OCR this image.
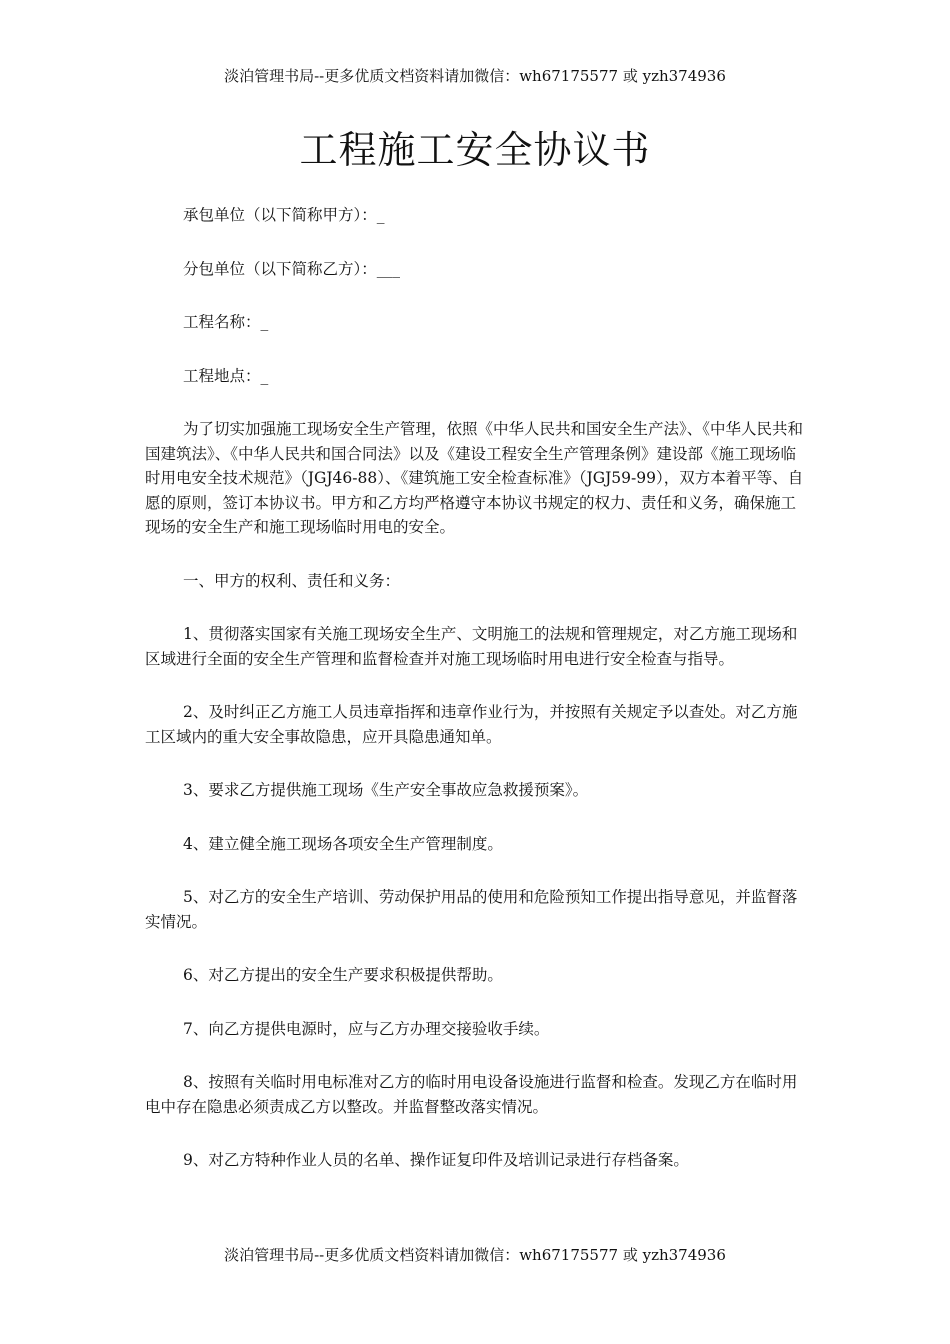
淡泊管理书局--更多优质文档资料请加微信：wh67175577 或 yzh374936
工程施工安全协议书

承包单位（以下简称甲方）：_

分包单位（以下简称乙方）：___

工程名称：_

工程地点：_

为了切实加强施工现场安全生产管理，依照《中华人民共和国安全生产法》、《中华人民共和国建筑法》、《中华人民共和国合同法》以及《建设工程安全生产管理条例》建设部《施工现场临时用电安全技术规范》（JGJ46-88）、《建筑施工安全检查标准》（JGJ59-99），双方本着平等、自愿的原则，签订本协议书。甲方和乙方均严格遵守本协议书规定的权力、责任和义务，确保施工现场的安全生产和施工现场临时用电的安全。

一、甲方的权利、责任和义务：

1、贯彻落实国家有关施工现场安全生产、文明施工的法规和管理规定，对乙方施工现场和区域进行全面的安全生产管理和监督检查并对施工现场临时用电进行安全检查与指导。

2、及时纠正乙方施工人员违章指挥和违章作业行为，并按照有关规定予以查处。对乙方施工区域内的重大安全事故隐患，应开具隐患通知单。

3、要求乙方提供施工现场《生产安全事故应急救援预案》。

4、建立健全施工现场各项安全生产管理制度。

5、对乙方的安全生产培训、劳动保护用品的使用和危险预知工作提出指导意见，并监督落实情况。

6、对乙方提出的安全生产要求积极提供帮助。

7、向乙方提供电源时，应与乙方办理交接验收手续。

8、按照有关临时用电标准对乙方的临时用电设备设施进行监督和检查。发现乙方在临时用电中存在隐患必须责成乙方以整改。并监督整改落实情况。

9、对乙方特种作业人员的名单、操作证复印件及培训记录进行存档备案。

淡泊管理书局--更多优质文档资料请加微信：wh67175577 或 yzh374936
